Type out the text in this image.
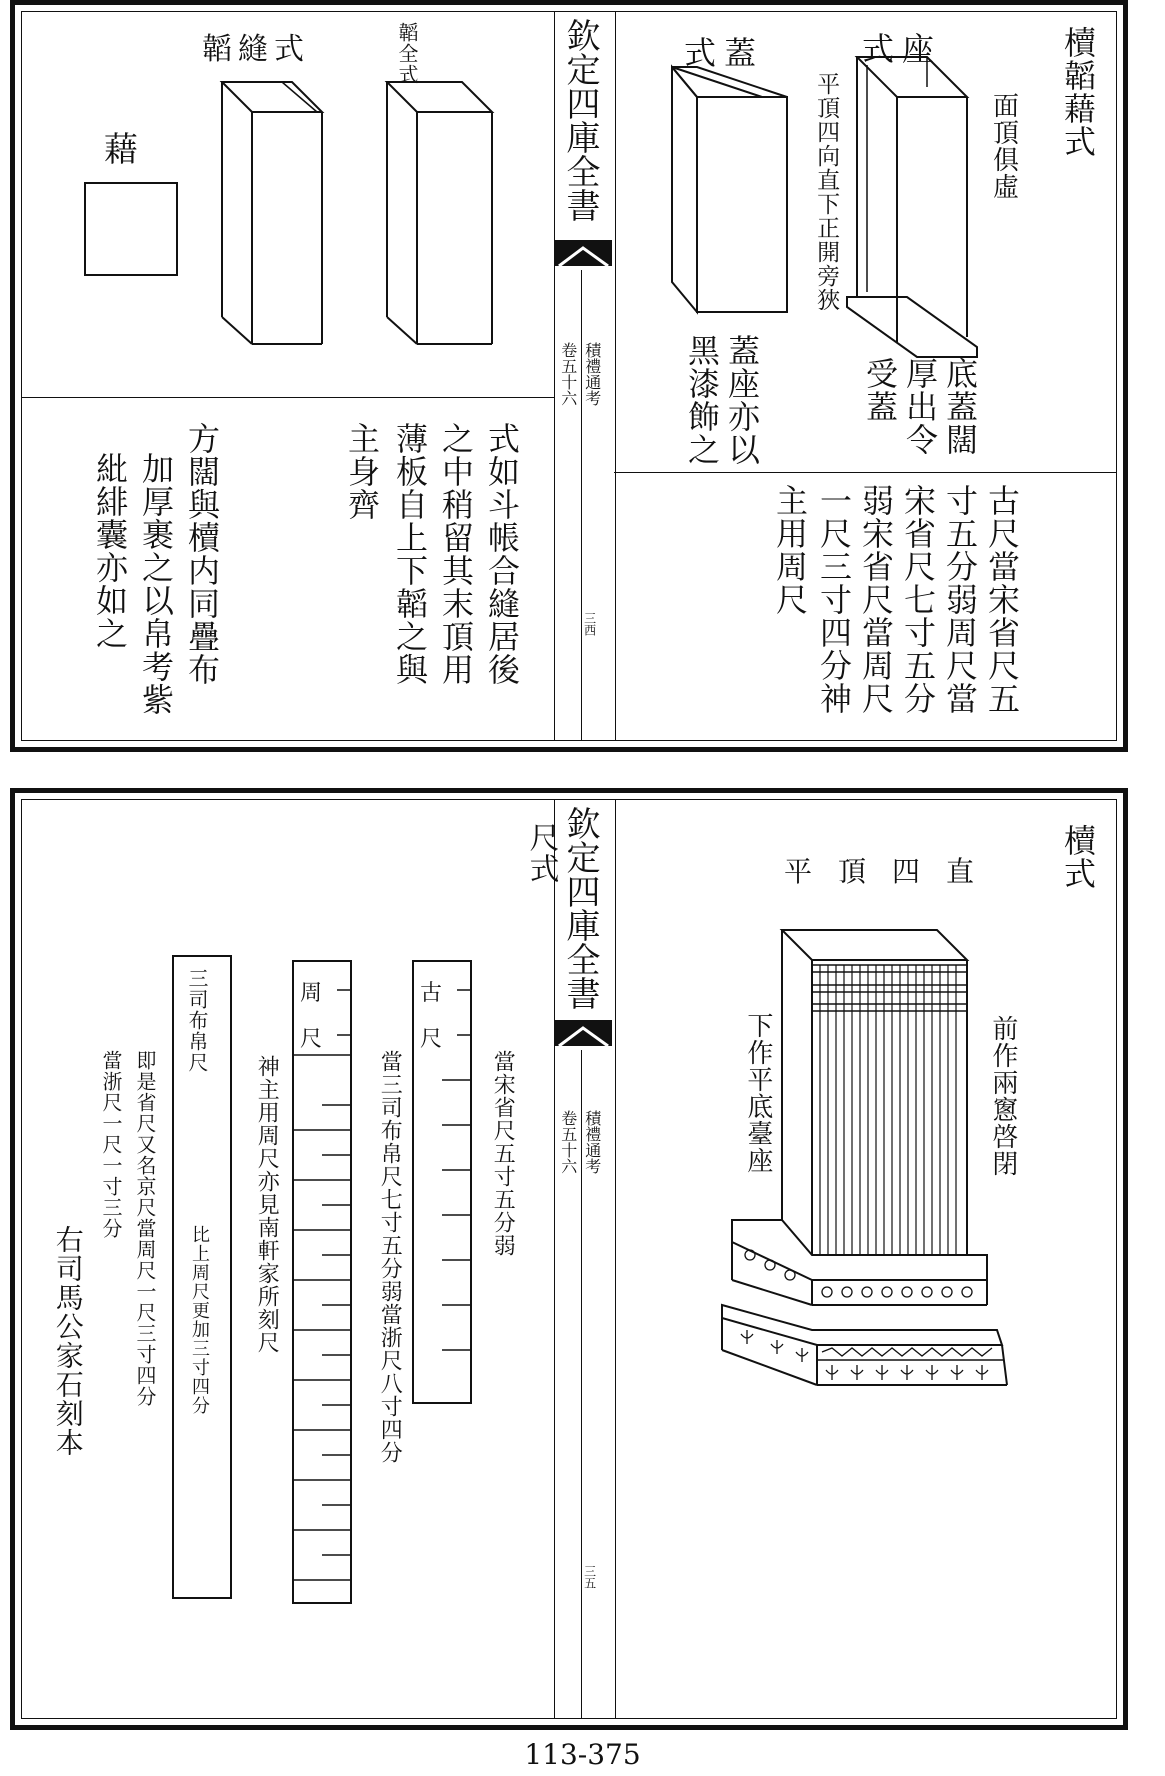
欽定四庫全書
積禮通考
卷五十六
三西
櫝韜藉式
式座
式蓋
面頂俱虛
平頂四向直下正開旁狹
蓋座亦以黑漆飾之	底蓋闊厚出令受蓋
古尺當宋省尺五
寸五分弱周尺當
宋省尺七寸五分
弱宋省尺當周尺
一尺三寸四分神
主用周尺
韜縫式	韜全式
藉
式如斗帳合縫居後
之中稍留其末頂用
薄板自上下韜之與
主身齊
方闊與櫝内同疊布
加厚裹之以帛考紫
紕緋囊亦如之
欽定四庫全書
積禮通考
卷五十六
三五
櫝式
平頂四直
前作兩窻啓閉
下作平底臺座
尺式
古
尺
當宋省尺五寸五分弱
當三司布帛尺七寸五分弱當浙尺八寸四分
周
尺
神主用周尺亦見南軒家所刻尺
三司布帛尺
比上周尺更加三寸四分
即是省尺又名京尺當周尺一尺三寸四分
當浙尺一尺一寸三分
右司馬公家石刻本
113-375
